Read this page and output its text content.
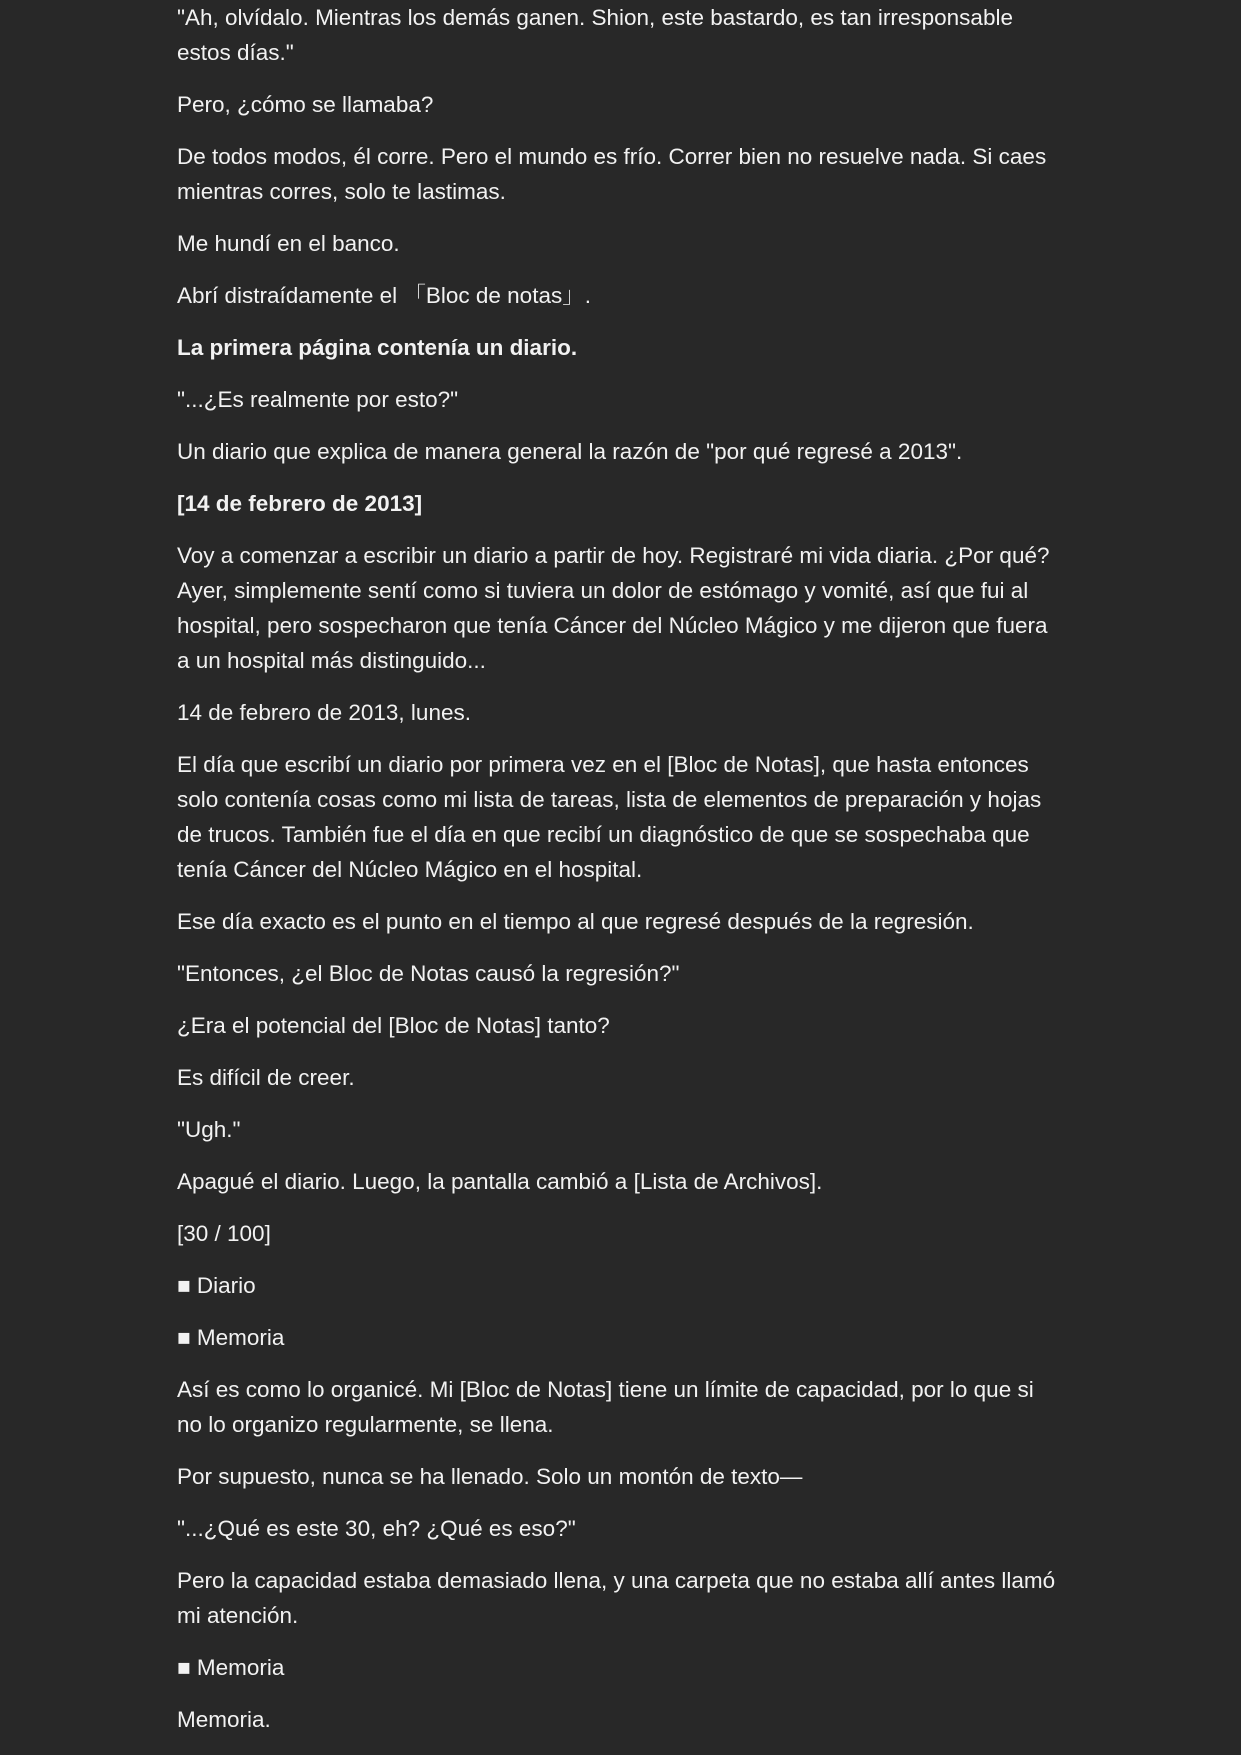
"Ah, olvídalo. Mientras los demás ganen. Shion, este bastardo, es tan irresponsable estos días."

Pero, ¿cómo se llamaba?

De todos modos, él corre. Pero el mundo es frío. Correr bien no resuelve nada. Si caes mientras corres, solo te lastimas.

Me hundí en el banco.

Abrí distraídamente el 「Bloc de notas」.

La primera página contenía un diario.

"...¿Es realmente por esto?"

Un diario que explica de manera general la razón de "por qué regresé a 2013".

[14 de febrero de 2013]

Voy a comenzar a escribir un diario a partir de hoy. Registraré mi vida diaria. ¿Por qué? Ayer, simplemente sentí como si tuviera un dolor de estómago y vomité, así que fui al hospital, pero sospecharon que tenía Cáncer del Núcleo Mágico y me dijeron que fuera a un hospital más distinguido...

14 de febrero de 2013, lunes.

El día que escribí un diario por primera vez en el [Bloc de Notas], que hasta entonces solo contenía cosas como mi lista de tareas, lista de elementos de preparación y hojas de trucos. También fue el día en que recibí un diagnóstico de que se sospechaba que tenía Cáncer del Núcleo Mágico en el hospital.

Ese día exacto es el punto en el tiempo al que regresé después de la regresión.

"Entonces, ¿el Bloc de Notas causó la regresión?"

¿Era el potencial del [Bloc de Notas] tanto?

Es difícil de creer.

"Ugh."

Apagué el diario. Luego, la pantalla cambió a [Lista de Archivos].

[30 / 100]

■ Diario

■ Memoria

Así es como lo organicé. Mi [Bloc de Notas] tiene un límite de capacidad, por lo que si no lo organizo regularmente, se llena.

Por supuesto, nunca se ha llenado. Solo un montón de texto—

"...¿Qué es este 30, eh? ¿Qué es eso?"

Pero la capacidad estaba demasiado llena, y una carpeta que no estaba allí antes llamó mi atención.

■ Memoria

Memoria.
